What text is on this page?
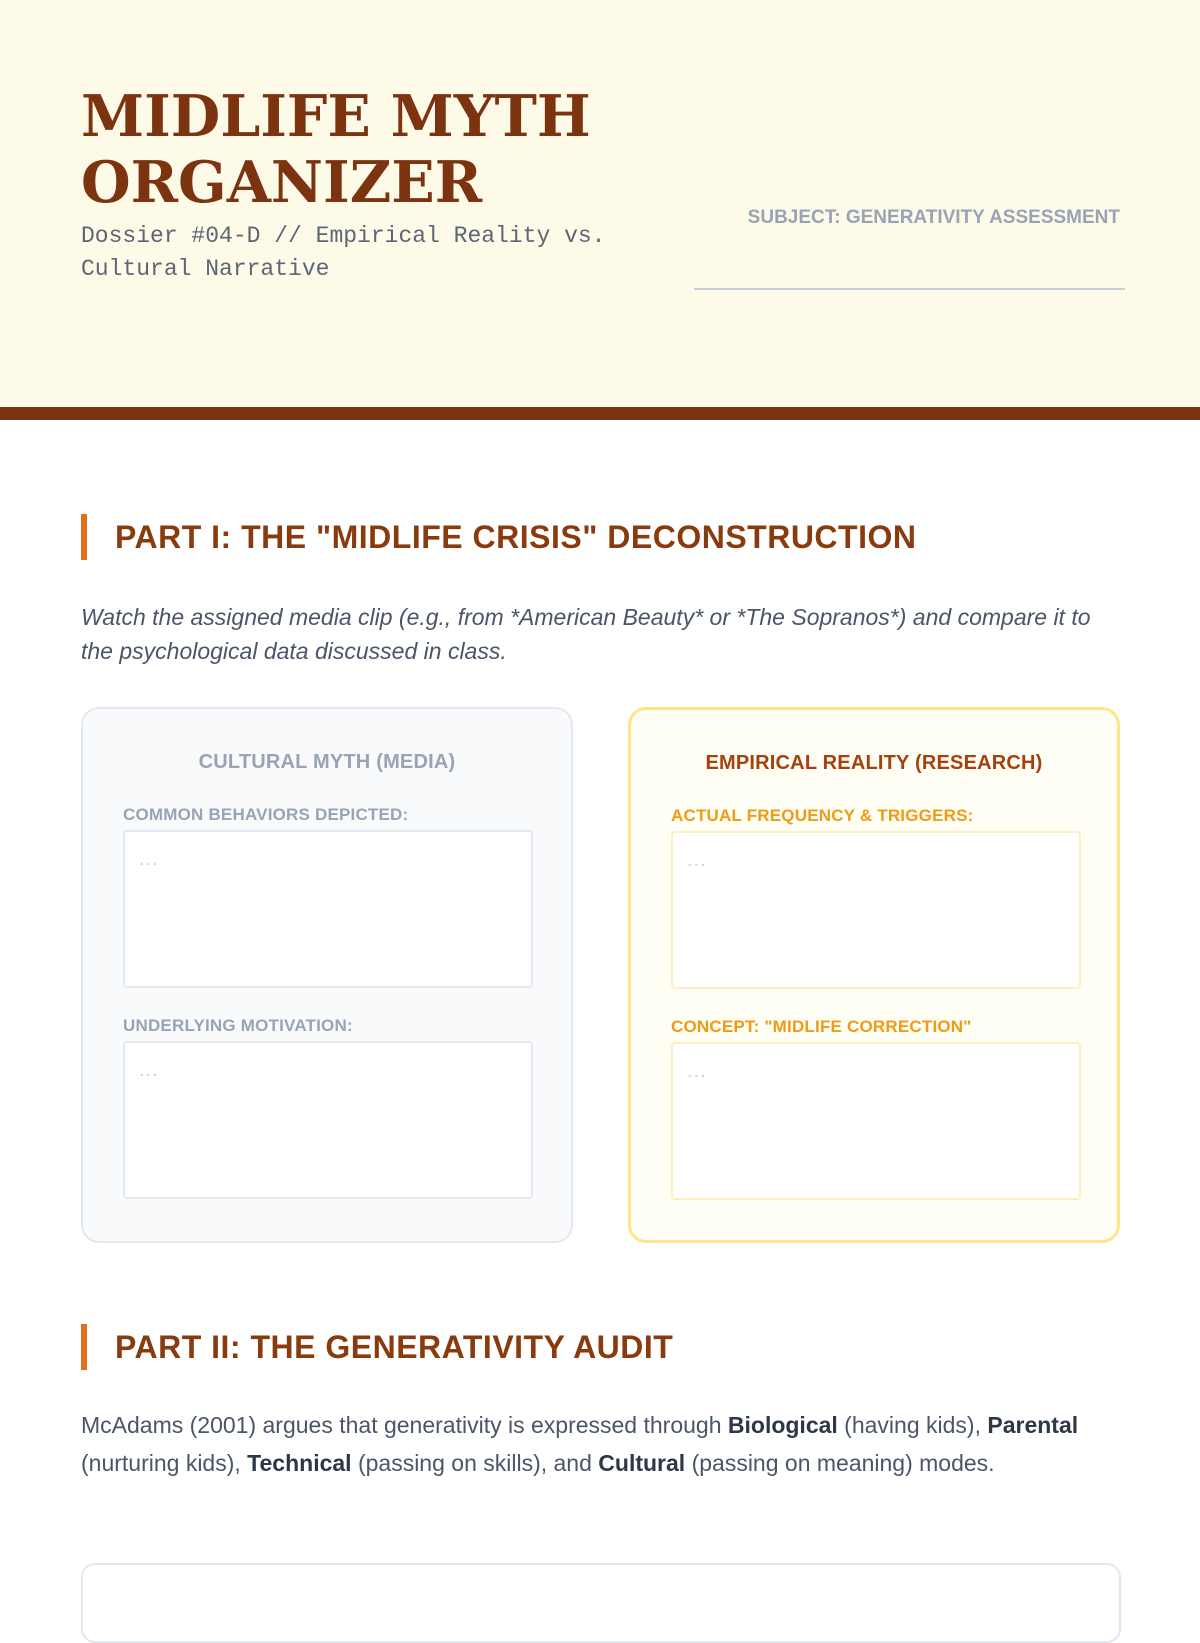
MIDLIFE MYTH
ORGANIZER
Dossier #04-D // Empirical Reality vs. Cultural Narrative
SUBJECT: GENERATIVITY ASSESSMENT
PART I: THE "MIDLIFE CRISIS" DECONSTRUCTION
Watch the assigned media clip (e.g., from *American Beauty* or *The Sopranos*) and compare it to the psychological data discussed in class.
CULTURAL MYTH (MEDIA)
COMMON BEHAVIORS DEPICTED:
...
UNDERLYING MOTIVATION:
...
EMPIRICAL REALITY (RESEARCH)
ACTUAL FREQUENCY & TRIGGERS:
...
CONCEPT: "MIDLIFE CORRECTION"
...
PART II: THE GENERATIVITY AUDIT
McAdams (2001) argues that generativity is expressed through Biological (having kids), Parental (nurturing kids), Technical (passing on skills), and Cultural (passing on meaning) modes.
